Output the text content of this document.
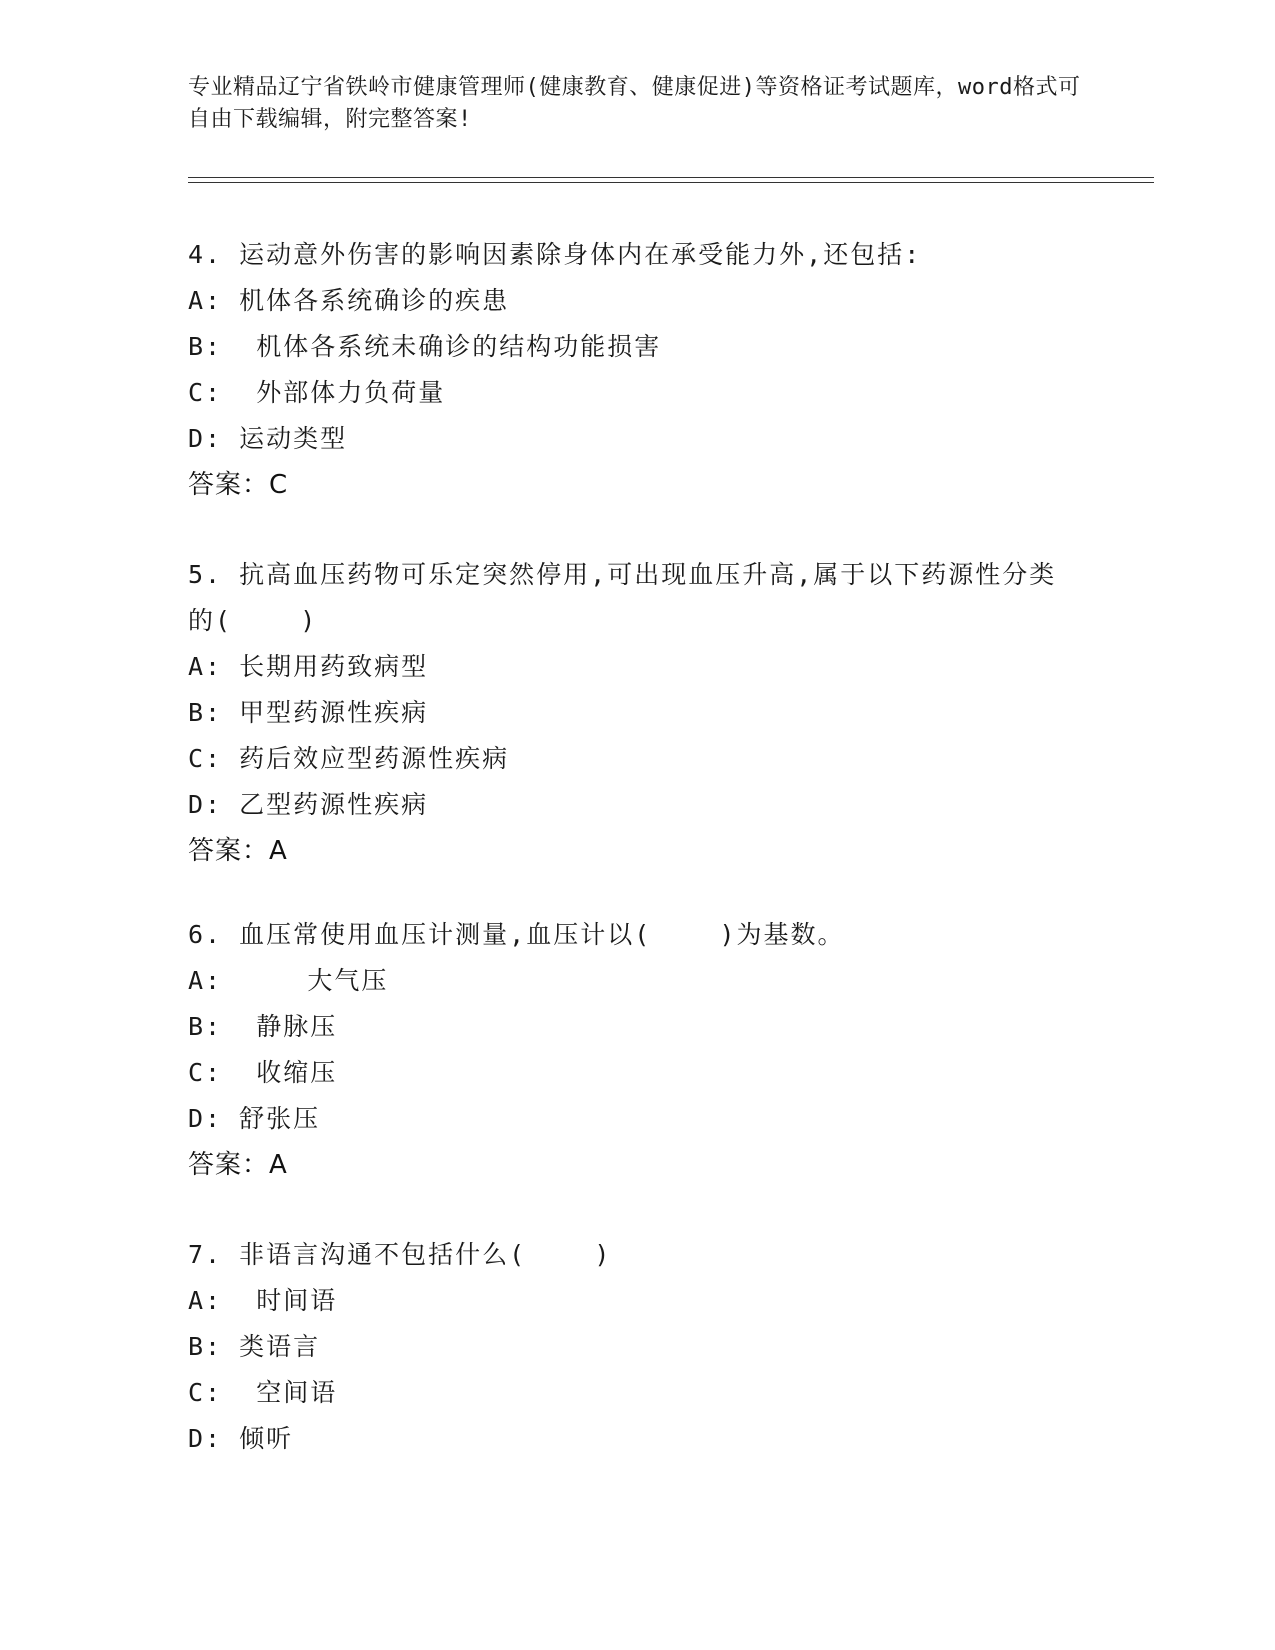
专业精品辽宁省铁岭市健康管理师(健康教育、健康促进)等资格证考试题库，word格式可自由下载编辑，附完整答案!
4. 运动意外伤害的影响因素除身体内在承受能力外,还包括:
A: 机体各系统确诊的疾患
B:  机体各系统未确诊的结构功能损害
C:  外部体力负荷量
D: 运动类型
答案：C
5. 抗高血压药物可乐定突然停用,可出现血压升高,属于以下药源性分类的(    )
A: 长期用药致病型
B: 甲型药源性疾病
C: 药后效应型药源性疾病
D: 乙型药源性疾病
答案：A
6. 血压常使用血压计测量,血压计以(    )为基数。
A:     大气压
B:  静脉压
C:  收缩压
D: 舒张压
答案：A
7. 非语言沟通不包括什么(    )
A:  时间语
B: 类语言
C:  空间语
D: 倾听
